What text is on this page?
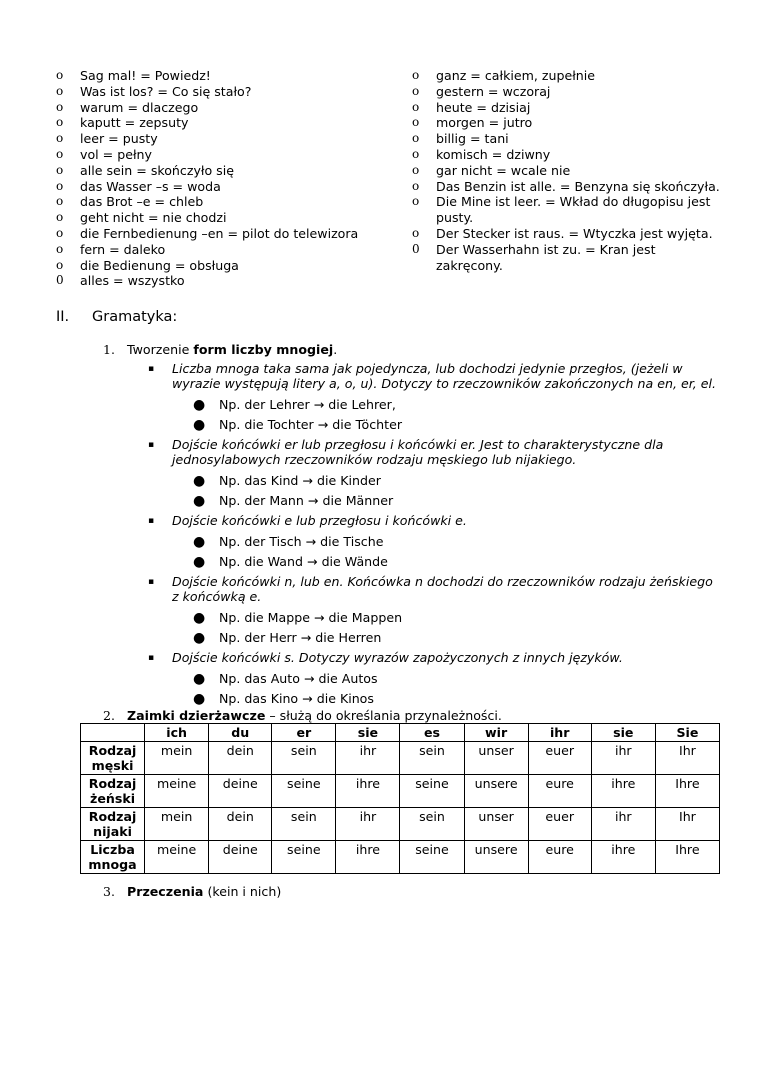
o	Sag mal! = Powiedz!
o	Was ist los? = Co się stało?
o	warum = dlaczego
o	kaputt = zepsuty
o	leer = pusty
o	vol = pełny
o	alle sein = skończyło się
o	das Wasser –s = woda
o	das Brot –e = chleb
o	geht nicht = nie chodzi
o	die Fernbedienung –en = pilot do telewizora
o	fern = daleko
o	die Bedienung = obsługa
0	alles = wszystko
o	ganz = całkiem, zupełnie
o	gestern = wczoraj
o	heute = dzisiaj
o	morgen = jutro
o	billig = tani
o	komisch = dziwny
o	gar nicht = wcale nie
o	Das Benzin ist alle. = Benzyna się skończyła.
o	Die Mine ist leer. = Wkład do długopisu jest pusty.
o	Der Stecker ist raus. = Wtyczka jest wyjęta.
0	Der Wasserhahn ist zu. = Kran jest zakręcony.
II.	Gramatyka:
1. Tworzenie form liczby mnogiej.
▪	Liczba mnoga taka sama jak pojedyncza, lub dochodzi jedynie przegłos, (jeżeli w wyrazie występują litery a, o, u). Dotyczy to rzeczowników zakończonych na en, er, el.
●	Np. der Lehrer → die Lehrer,
●	Np. die Tochter → die Töchter
▪	Dojście końcówki er lub przegłosu i końcówki er. Jest to charakterystyczne dla jednosylabowych rzeczowników rodzaju męskiego lub nijakiego.
●	Np. das Kind → die Kinder
●	Np. der Mann → die Männer
▪	Dojście końcówki e lub przegłosu i końcówki e.
●	Np. der Tisch → die Tische
●	Np. die Wand → die Wände
▪	Dojście końcówki n, lub en. Końcówka n dochodzi do rzeczowników rodzaju żeńskiego z końcówką e.
●	Np. die Mappe → die Mappen
●	Np. der Herr → die Herren
▪	Dojście końcówki s. Dotyczy wyrazów zapożyczonych z innych języków.
●	Np. das Auto → die Autos
●	Np. das Kino → die Kinos
2. Zaimki dzierżawcze – służą do określania przynależności.
	ich	du	er	sie	es	wir	ihr	sie	Sie
Rodzaj męski	mein	dein	sein	ihr	sein	unser	euer	ihr	Ihr
Rodzaj żeński	meine	deine	seine	ihre	seine	unsere	eure	ihre	Ihre
Rodzaj nijaki	mein	dein	sein	ihr	sein	unser	euer	ihr	Ihr
Liczba mnoga	meine	deine	seine	ihre	seine	unsere	eure	ihre	Ihre
3. Przeczenia (kein i nich)
